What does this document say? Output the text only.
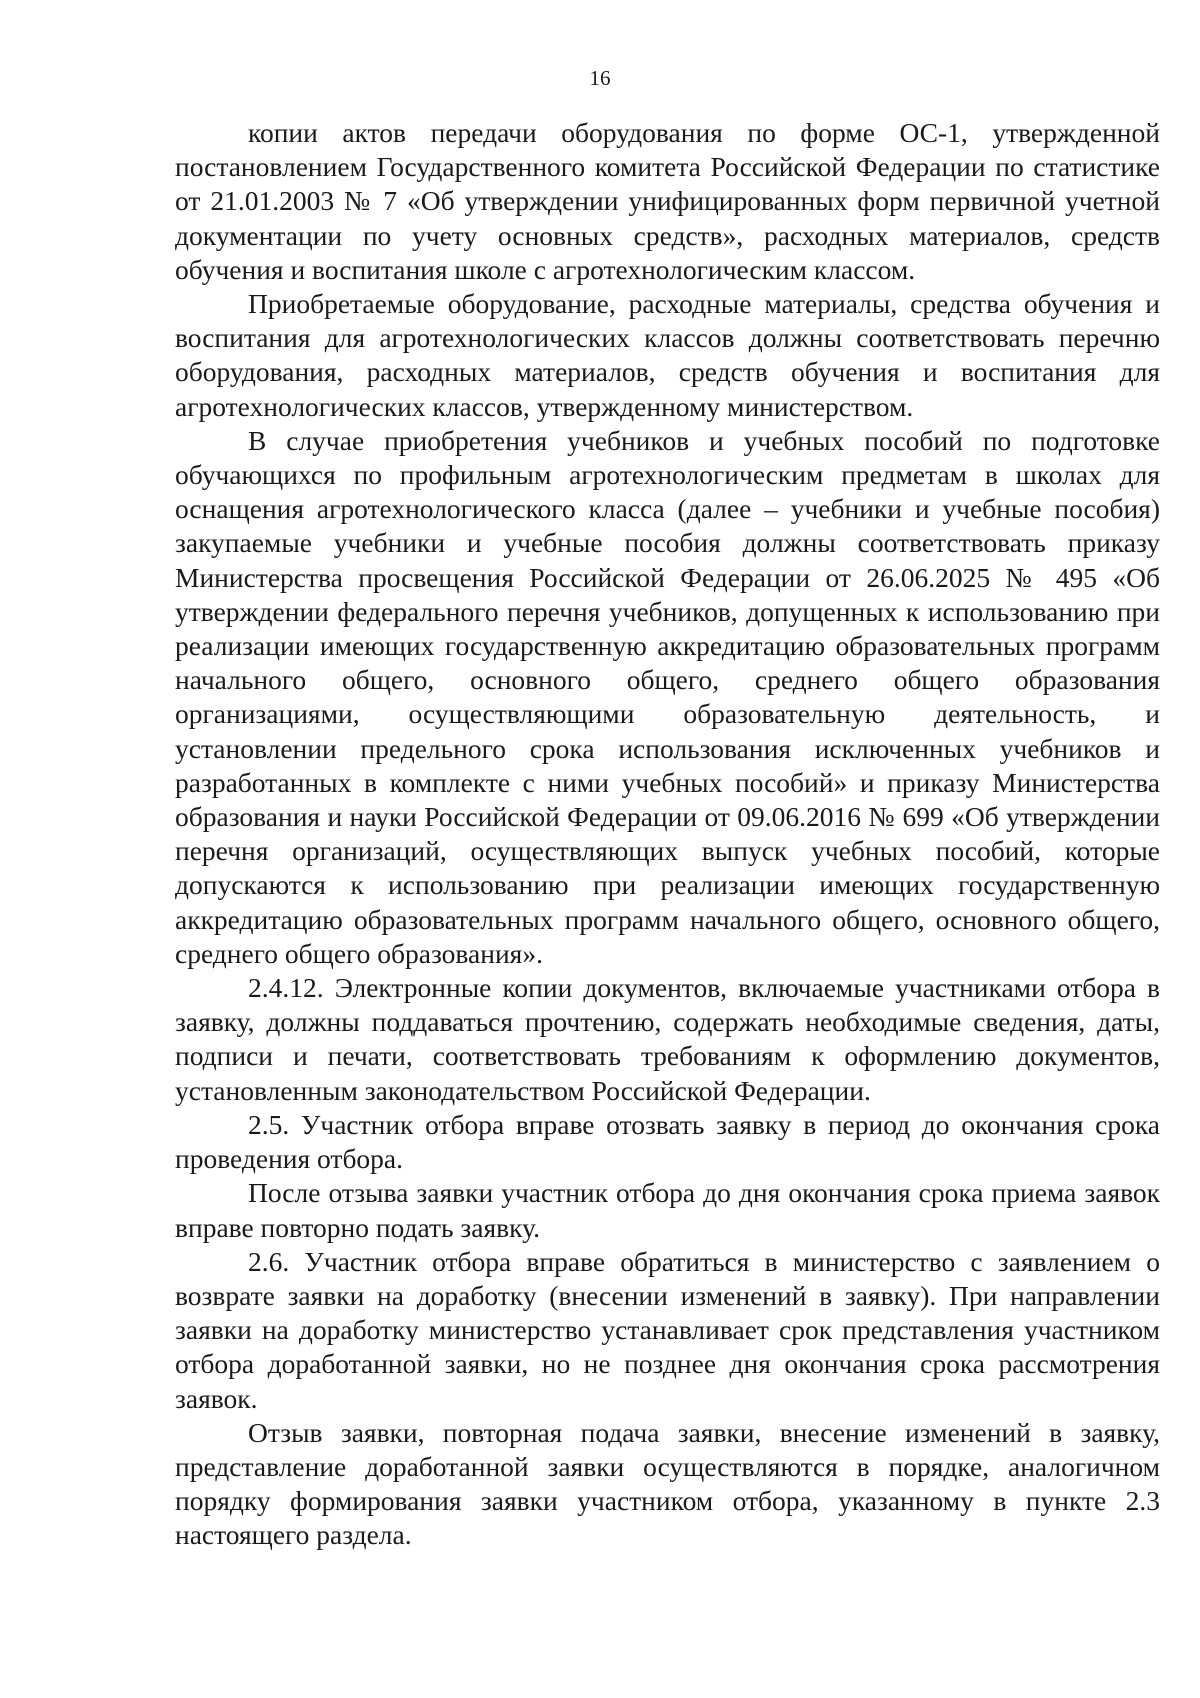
16

копии актов передачи оборудования по форме ОС-1, утвержденной постановлением Государственного комитета Российской Федерации по статистике от 21.01.2003 № 7 «Об утверждении унифицированных форм первичной учетной документации по учету основных средств», расходных материалов, средств обучения и воспитания школе с агротехнологическим классом.

Приобретаемые оборудование, расходные материалы, средства обучения и воспитания для агротехнологических классов должны соответствовать перечню оборудования, расходных материалов, средств обучения и воспитания для агротехнологических классов, утвержденному министерством.

В случае приобретения учебников и учебных пособий по подготовке обучающихся по профильным агротехнологическим предметам в школах для оснащения агротехнологического класса (далее – учебники и учебные пособия) закупаемые учебники и учебные пособия должны соответствовать приказу Министерства просвещения Российской Федерации от 26.06.2025 № 495 «Об утверждении федерального перечня учебников, допущенных к использованию при реализации имеющих государственную аккредитацию образовательных программ начального общего, основного общего, среднего общего образования организациями, осуществляющими образовательную деятельность, и установлении предельного срока использования исключенных учебников и разработанных в комплекте с ними учебных пособий» и приказу Министерства образования и науки Российской Федерации от 09.06.2016 № 699 «Об утверждении перечня организаций, осуществляющих выпуск учебных пособий, которые допускаются к использованию при реализации имеющих государственную аккредитацию образовательных программ начального общего, основного общего, среднего общего образования».

2.4.12. Электронные копии документов, включаемые участниками отбора в заявку, должны поддаваться прочтению, содержать необходимые сведения, даты, подписи и печати, соответствовать требованиям к оформлению документов, установленным законодательством Российской Федерации.

2.5. Участник отбора вправе отозвать заявку в период до окончания срока проведения отбора.

После отзыва заявки участник отбора до дня окончания срока приема заявок вправе повторно подать заявку.

2.6. Участник отбора вправе обратиться в министерство с заявлением о возврате заявки на доработку (внесении изменений в заявку). При направлении заявки на доработку министерство устанавливает срок представления участником отбора доработанной заявки, но не позднее дня окончания срока рассмотрения заявок.

Отзыв заявки, повторная подача заявки, внесение изменений в заявку, представление доработанной заявки осуществляются в порядке, аналогичном порядку формирования заявки участником отбора, указанному в пункте 2.3 настоящего раздела.
